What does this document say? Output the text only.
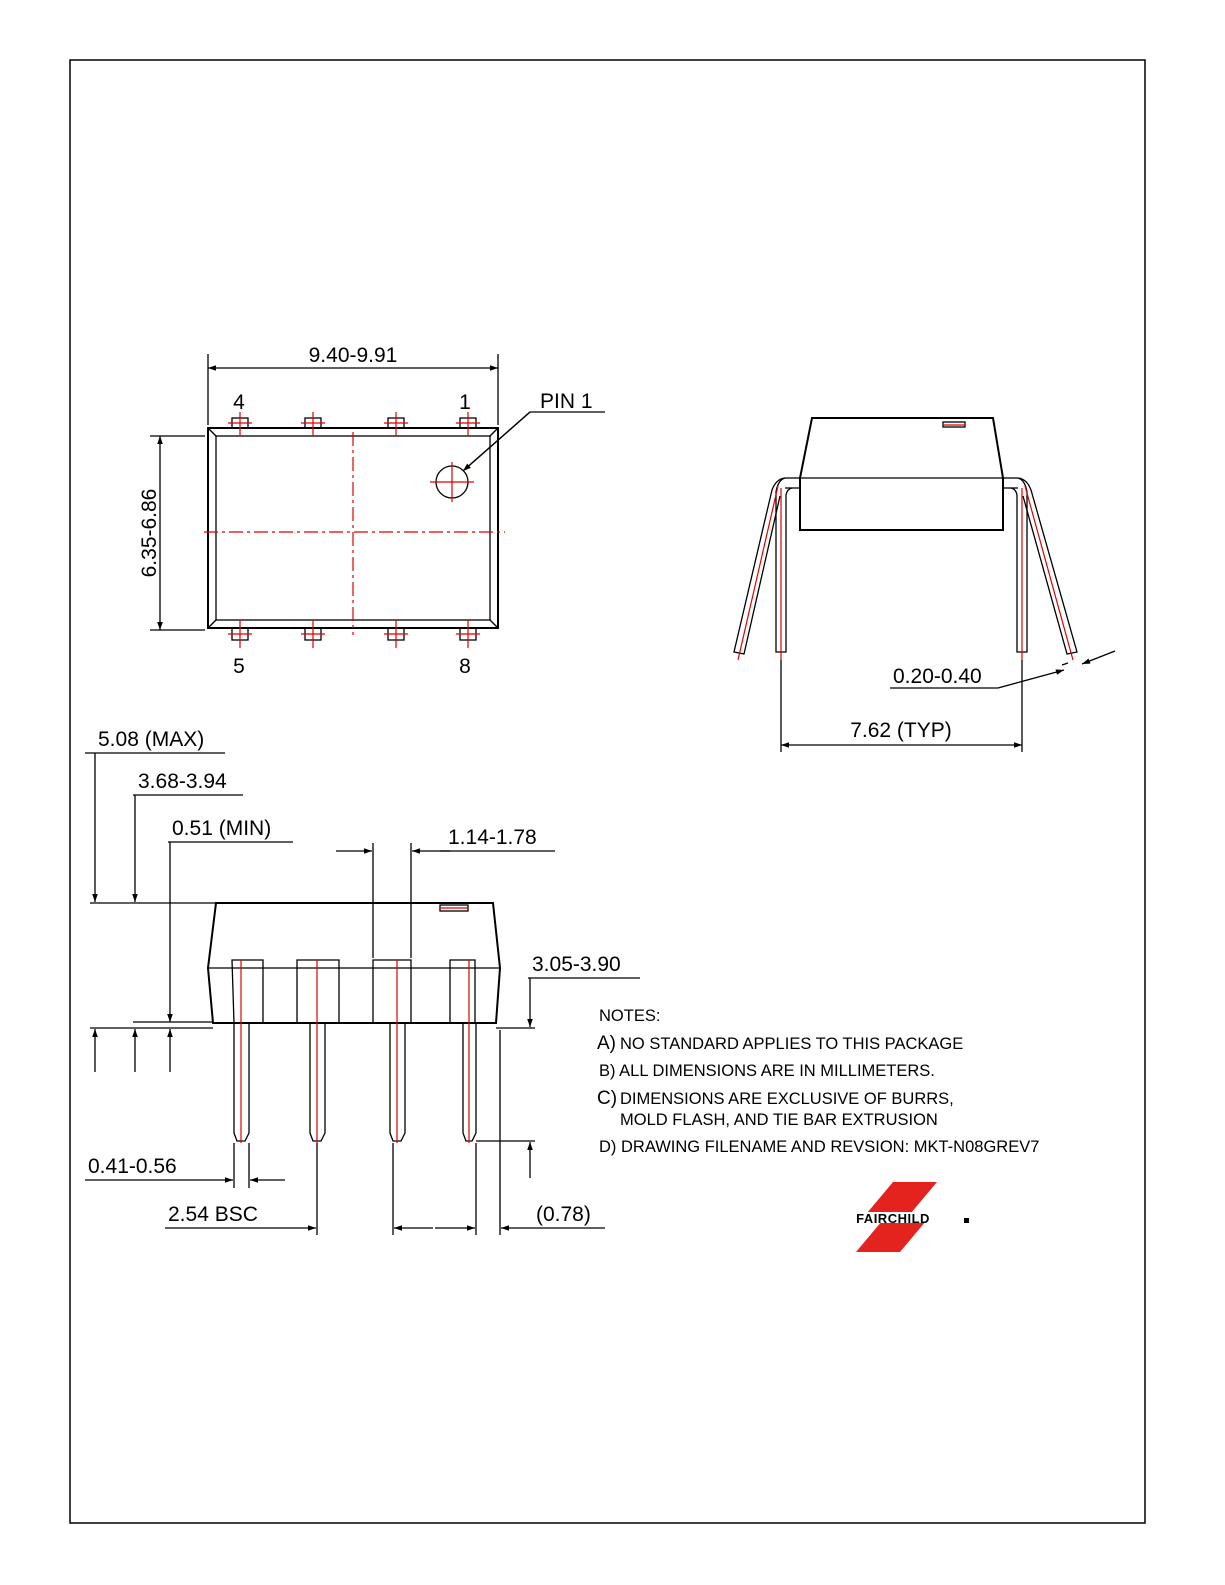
PIN 1
9.40-9.91
6.35-6.86
4	1
5	8	0.20-0.40
7.62 (TYP)
5.08 (MAX)
3.68-3.94
0.51 (MIN)	1.14-1.78
3.05-3.90
0.41-0.56
2.54 BSC	(0.78)
NOTES:
A) NO STANDARD APPLIES TO THIS PACKAGE
B) ALL DIMENSIONS ARE IN MILLIMETERS.
C) DIMENSIONS ARE EXCLUSIVE OF BURRS,
MOLD FLASH, AND TIE BAR EXTRUSION
D) DRAWING FILENAME AND REVSION: MKT-N08GREV7
FAIRCHILD
